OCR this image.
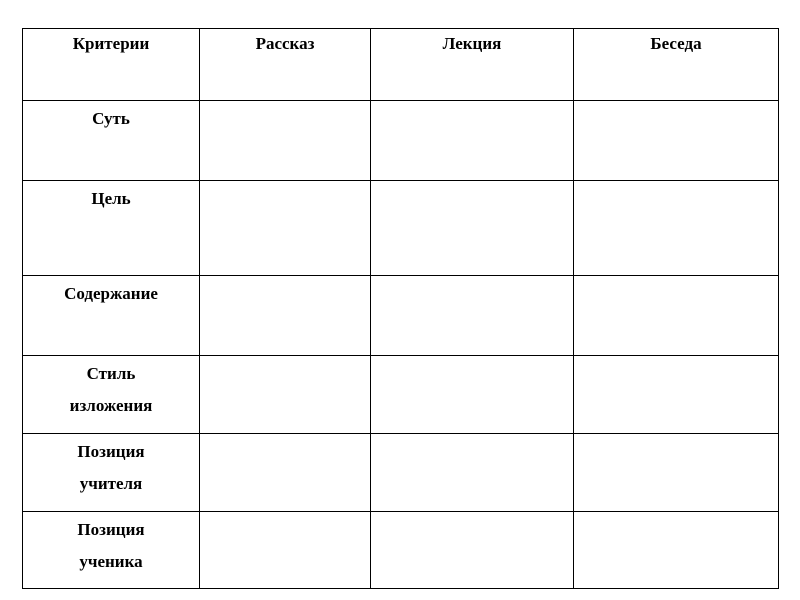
Критерии	Рассказ	Лекция	Беседа

Суть			

Цель			

Содержание			

Стиль
изложения			

Позиция
учителя			

Позиция
ученика			
